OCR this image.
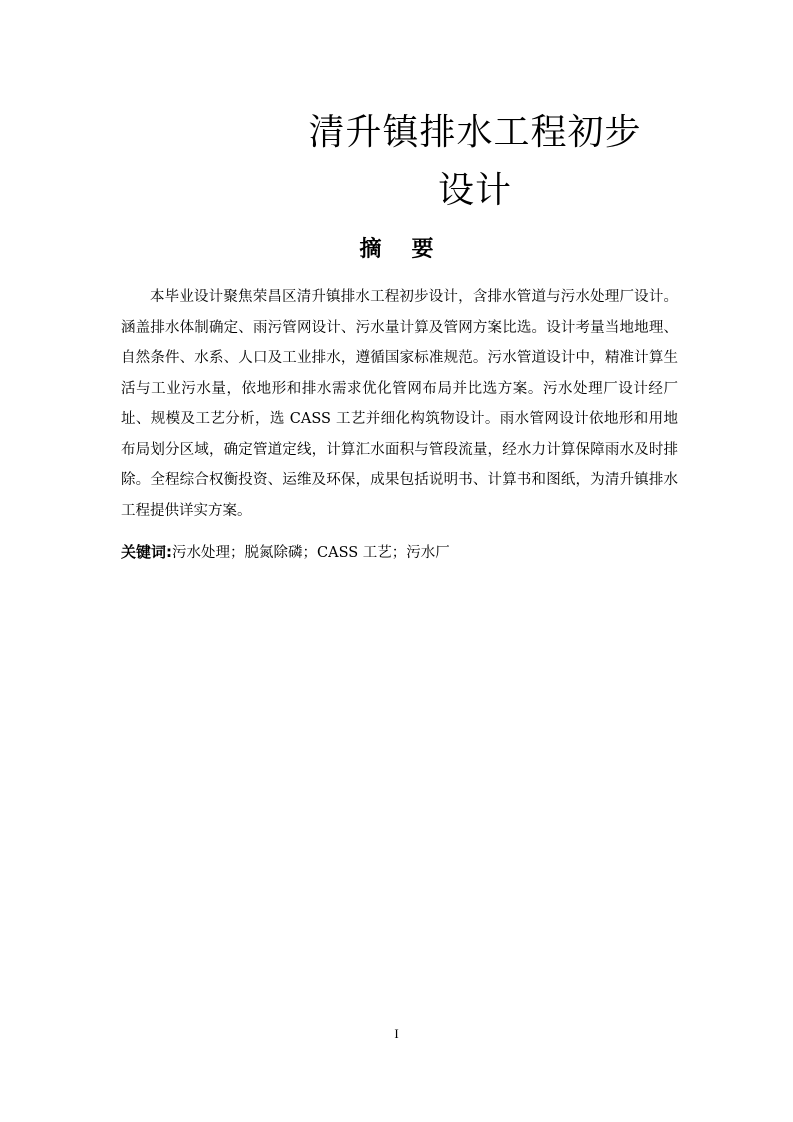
清升镇排水工程初步设计
摘要

本毕业设计聚焦荣昌区清升镇排水工程初步设计，含排水管道与污水处理厂设计。涵盖排水体制确定、雨污管网设计、污水量计算及管网方案比选。设计考量当地地理、自然条件、水系、人口及工业排水，遵循国家标准规范。污水管道设计中，精准计算生活与工业污水量，依地形和排水需求优化管网布局并比选方案。污水处理厂设计经厂址、规模及工艺分析，选 CASS 工艺并细化构筑物设计。雨水管网设计依地形和用地布局划分区域，确定管道定线，计算汇水面积与管段流量，经水力计算保障雨水及时排除。全程综合权衡投资、运维及环保，成果包括说明书、计算书和图纸，为清升镇排水工程提供详实方案。

关键词:污水处理；脱氮除磷；CASS 工艺；污水厂

I
